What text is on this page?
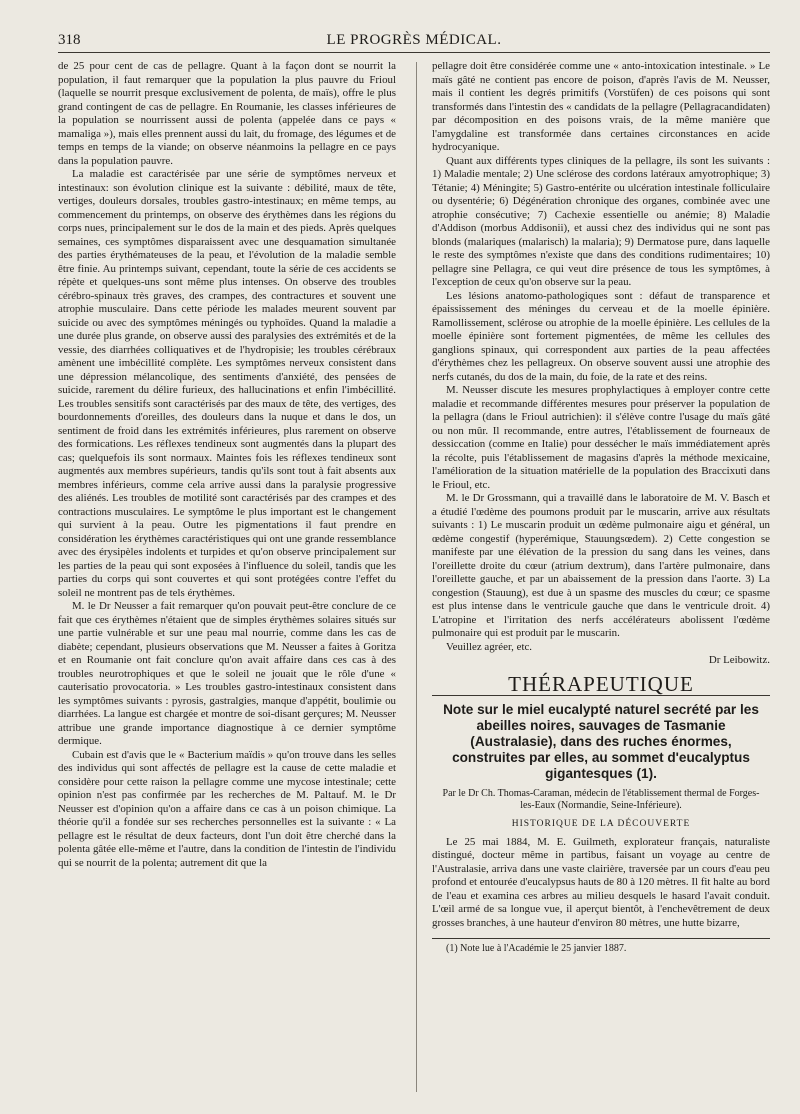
318	LE PROGRÈS MÉDICAL.

de 25 pour cent de cas de pellagre. Quant à la façon dont se nourrit la population, il faut remarquer que la population la plus pauvre du Frioul (laquelle se nourrit presque exclusivement de polenta, de maïs), offre le plus grand contingent de cas de pellagre. En Roumanie, les classes inférieures de la population se nourrissent aussi de polenta (appelée dans ce pays « mamaliga »), mais elles prennent aussi du lait, du fromage, des légumes et de temps en temps de la viande; on observe néanmoins la pellagre en ce pays dans la population pauvre.

La maladie est caractérisée par une série de symptômes nerveux et intestinaux: son évolution clinique est la suivante : débilité, maux de tête, vertiges, douleurs dorsales, troubles gastro-intestinaux; en même temps, au commencement du printemps, on observe des érythèmes dans les régions du corps nues, principalement sur le dos de la main et des pieds. Après quelques semaines, ces symptômes disparaissent avec une desquamation simultanée des parties érythémateuses de la peau, et l'évolution de la maladie semble être finie. Au printemps suivant, cependant, toute la série de ces accidents se répète et quelques-uns sont même plus intenses. On observe des troubles cérébro-spinaux très graves, des crampes, des contractures et souvent une atrophie musculaire. Dans cette période les malades meurent souvent par suicide ou avec des symptômes méningés ou typhoïdes. Quand la maladie a une durée plus grande, on observe aussi des paralysies des extrémités et de la vessie, des diarrhées colliquatives et de l'hydropisie; les troubles cérébraux amènent une imbécillité complète. Les symptômes nerveux consistent dans une dépression mélancolique, des sentiments d'anxiété, des pensées de suicide, rarement du délire furieux, des hallucinations et enfin l'imbécillité. Les troubles sensitifs sont caractérisés par des maux de tête, des vertiges, des bourdonnements d'oreilles, des douleurs dans la nuque et dans le dos, un sentiment de froid dans les extrémités inférieures, plus rarement on observe des formications. Les réflexes tendineux sont augmentés dans la plupart des cas; quelquefois ils sont normaux. Maintes fois les réflexes tendineux sont augmentés aux membres supérieurs, tandis qu'ils sont tout à fait absents aux membres inférieurs, comme cela arrive aussi dans la paralysie progressive des aliénés. Les troubles de motilité sont caractérisés par des crampes et des contractions musculaires. Le symptôme le plus important est le changement qui survient à la peau. Outre les pigmentations il faut prendre en considération les érythèmes caractéristiques qui ont une grande ressemblance avec des érysipèles indolents et turpides et qu'on observe principalement sur les parties de la peau qui sont exposées à l'influence du soleil, tandis que les parties du corps qui sont couvertes et qui sont protégées contre l'effet du soleil ne montrent pas de tels érythèmes.

M. le Dr Neusser a fait remarquer qu'on pouvait peut-être conclure de ce fait que ces érythèmes n'étaient que de simples érythèmes solaires situés sur une partie vulnérable et sur une peau mal nourrie, comme dans les cas de diabète; cependant, plusieurs observations que M. Neusser a faites à Goritza et en Roumanie ont fait conclure qu'on avait affaire dans ces cas à des troubles neurotrophiques et que le soleil ne jouait que le rôle d'une « cauterisatio provocatoria. » Les troubles gastro-intestinaux consistent dans les symptômes suivants : pyrosis, gastralgies, manque d'appétit, boulimie ou diarrhées. La langue est chargée et montre de soi-disant gerçures; M. Neusser attribue une grande importance diagnostique à ce dernier symptôme dermique.

Cubain est d'avis que le « Bacterium maïdis » qu'on trouve dans les selles des individus qui sont affectés de pellagre est la cause de cette maladie et considère pour cette raison la pellagre comme une mycose intestinale; cette opinion n'est pas confirmée par les recherches de M. Paltauf. M. le Dr Neusser est d'opinion qu'on a affaire dans ce cas à un poison chimique. La théorie qu'il a fondée sur ses recherches personnelles est la suivante : « La pellagre est le résultat de deux facteurs, dont l'un doit être cherché dans la polenta gâtée elle-même et l'autre, dans la condition de l'intestin de l'individu qui se nourrit de la polenta; autrement dit que la

pellagre doit être considérée comme une « anto-intoxication intestinale. » Le maïs gâté ne contient pas encore de poison, d'après l'avis de M. Neusser, mais il contient les degrés primitifs (Vorstüfen) de ces poisons qui sont transformés dans l'intestin des « candidats de la pellagre (Pellagracandidaten) par décomposition en des poisons vrais, de la même manière que l'amygdaline est transformée dans certaines circonstances en acide hydrocyanique.

Quant aux différents types cliniques de la pellagre, ils sont les suivants : 1) Maladie mentale; 2) Une sclérose des cordons latéraux amyotrophique; 3) Tétanie; 4) Méningite; 5) Gastro-entérite ou ulcération intestinale folliculaire ou dysentérie; 6) Dégénération chronique des organes, combinée avec une atrophie consécutive; 7) Cachexie essentielle ou anémie; 8) Maladie d'Addison (morbus Addisonii), et aussi chez des individus qui ne sont pas blonds (malariques (malarisch) la malaria); 9) Dermatose pure, dans laquelle le reste des symptômes n'existe que dans des conditions rudimentaires; 10) pellagre sine Pellagra, ce qui veut dire présence de tous les symptômes, à l'exception de ceux qu'on observe sur la peau.

Les lésions anatomo-pathologiques sont : défaut de transparence et épaississement des méninges du cerveau et de la moelle épinière. Ramollissement, sclérose ou atrophie de la moelle épinière. Les cellules de la moelle épinière sont fortement pigmentées, de même les cellules des ganglions spinaux, qui correspondent aux parties de la peau affectées d'érythèmes chez les pellagreux. On observe souvent aussi une atrophie des nerfs cutanés, du dos de la main, du foie, de la rate et des reins.

M. Neusser discute les mesures prophylactiques à employer contre cette maladie et recommande différentes mesures pour préserver la population de la pellagra (dans le Frioul autrichien): il s'élève contre l'usage du maïs gâté ou non mûr. Il recommande, entre autres, l'établissement de fourneaux de dessiccation (comme en Italie) pour dessécher le maïs immédiatement après la récolte, puis l'établissement de magasins d'après la méthode mexicaine, l'amélioration de la situation matérielle de la population des Braccixuti dans le Frioul, etc.

M. le Dr Grossmann, qui a travaillé dans le laboratoire de M. V. Basch et a étudié l'œdème des poumons produit par le muscarin, arrive aux résultats suivants : 1) Le muscarin produit un œdème pulmonaire aigu et général, un œdème congestif (hyperémique, Stauungsœdem). 2) Cette congestion se manifeste par une élévation de la pression du sang dans les veines, dans l'oreillette droite du cœur (atrium dextrum), dans l'artère pulmonaire, dans l'oreillette gauche, et par un abaissement de la pression dans l'aorte. 3) La congestion (Stauung), est due à un spasme des muscles du cœur; ce spasme est plus intense dans le ventricule gauche que dans le ventricule droit. 4) L'atropine et l'irritation des nerfs accélérateurs abolissent l'œdème pulmonaire qui est produit par le muscarin.

Veuillez agréer, etc.

Dr Leibowitz.

THÉRAPEUTIQUE
Note sur le miel eucalypté naturel secrété par les abeilles noires, sauvages de Tasmanie (Australasie), dans des ruches énormes, construites par elles, au sommet d'eucalyptus gigantesques (1).
Par le Dr Ch. Thomas-Caraman, médecin de l'établissement thermal de Forges-les-Eaux (Normandie, Seine-Inférieure).
HISTORIQUE DE LA DÉCOUVERTE

Le 25 mai 1884, M. E. Guilmeth, explorateur français, naturaliste distingué, docteur même in partibus, faisant un voyage au centre de l'Australasie, arriva dans une vaste clairière, traversée par un cours d'eau peu profond et entourée d'eucalypsus hauts de 80 à 120 mètres. Il fit halte au bord de l'eau et examina ces arbres au milieu desquels le hasard l'avait conduit. L'œil armé de sa longue vue, il aperçut bientôt, à l'enchevêtrement de deux grosses branches, à une hauteur d'environ 80 mètres, une hutte bizarre,

(1) Note lue à l'Académie le 25 janvier 1887.
